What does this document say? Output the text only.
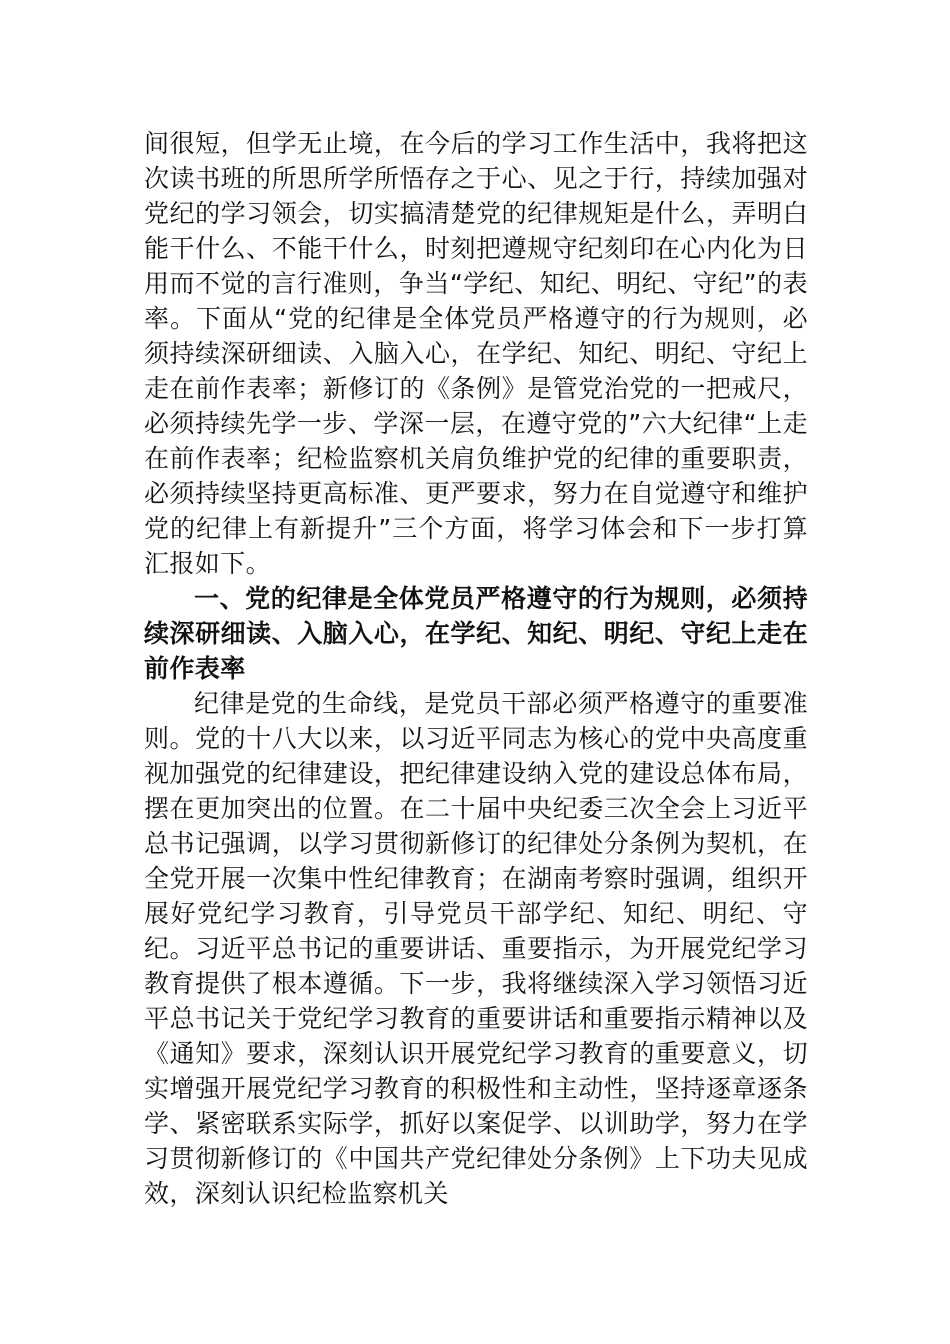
间很短，但学无止境，在今后的学习工作生活中，我将把这次读书班的所思所学所悟存之于心、见之于行，持续加强对党纪的学习领会，切实搞清楚党的纪律规矩是什么，弄明白能干什么、不能干什么，时刻把遵规守纪刻印在心内化为日用而不觉的言行准则，争当“学纪、知纪、明纪、守纪”的表率。下面从“党的纪律是全体党员严格遵守的行为规则，必须持续深研细读、入脑入心，在学纪、知纪、明纪、守纪上走在前作表率；新修订的《条例》是管党治党的一把戒尺，必须持续先学一步、学深一层，在遵守党的”六大纪律“上走在前作表率；纪检监察机关肩负维护党的纪律的重要职责，必须持续坚持更高标准、更严要求，努力在自觉遵守和维护党的纪律上有新提升”三个方面，将学习体会和下一步打算汇报如下。

一、党的纪律是全体党员严格遵守的行为规则，必须持续深研细读、入脑入心，在学纪、知纪、明纪、守纪上走在前作表率

纪律是党的生命线，是党员干部必须严格遵守的重要准则。党的十八大以来，以习近平同志为核心的党中央高度重视加强党的纪律建设，把纪律建设纳入党的建设总体布局，摆在更加突出的位置。在二十届中央纪委三次全会上习近平总书记强调，以学习贯彻新修订的纪律处分条例为契机，在全党开展一次集中性纪律教育；在湖南考察时强调，组织开展好党纪学习教育，引导党员干部学纪、知纪、明纪、守纪。习近平总书记的重要讲话、重要指示，为开展党纪学习教育提供了根本遵循。下一步，我将继续深入学习领悟习近平总书记关于党纪学习教育的重要讲话和重要指示精神以及《通知》要求，深刻认识开展党纪学习教育的重要意义，切实增强开展党纪学习教育的积极性和主动性，坚持逐章逐条学、紧密联系实际学，抓好以案促学、以训助学，努力在学习贯彻新修订的《中国共产党纪律处分条例》上下功夫见成效，深刻认识纪检监察机关
